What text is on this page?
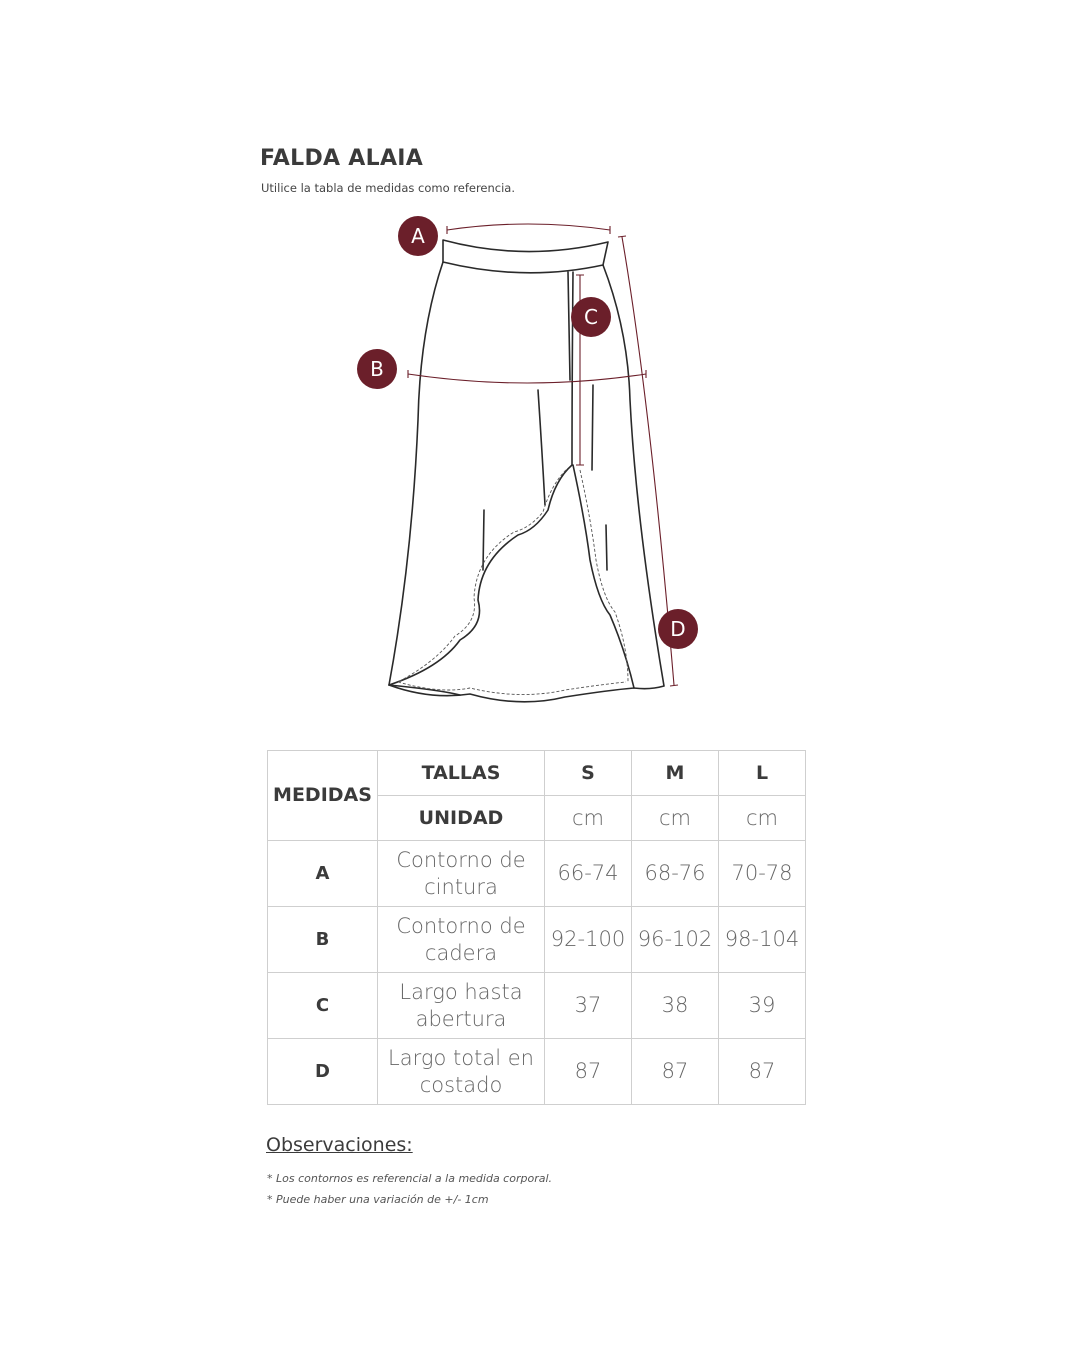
FALDA ALAIA
Utilice la tabla de medidas como referencia.
A
B
C
D
MEDIDAS	TALLAS	S	M	L
	UNIDAD	cm	cm	cm
A	Contorno de cintura	66-74	68-76	70-78
B	Contorno de cadera	92-100	96-102	98-104
C	Largo hasta abertura	37	38	39
D	Largo total en costado	87	87	87
Observaciones:
* Los contornos es referencial a la medida corporal.
* Puede haber una variación de +/- 1cm
